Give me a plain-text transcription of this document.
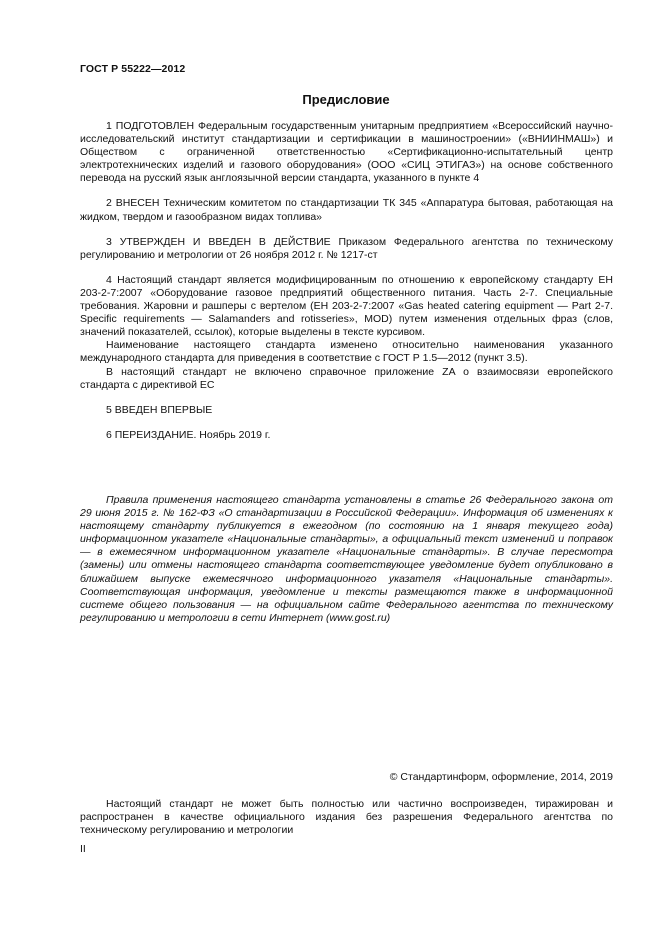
ГОСТ Р 55222—2012
Предисловие

1 ПОДГОТОВЛЕН Федеральным государственным унитарным предприятием «Всероссийский научно-исследовательский институт стандартизации и сертификации в машиностроении» («ВНИИНМАШ») и Обществом с ограниченной ответственностью «Сертификационно-испытательный центр электротехнических изделий и газового оборудования» (ООО «СИЦ ЭТИГАЗ») на основе собственного перевода на русский язык англоязычной версии стандарта, указанного в пункте 4

2 ВНЕСЕН Техническим комитетом по стандартизации ТК 345 «Аппаратура бытовая, работающая на жидком, твердом и газообразном видах топлива»

3 УТВЕРЖДЕН И ВВЕДЕН В ДЕЙСТВИЕ Приказом Федерального агентства по техническому регулированию и метрологии от 26 ноября 2012 г. № 1217-ст

4 Настоящий стандарт является модифицированным по отношению к европейскому стандарту ЕН 203-2-7:2007 «Оборудование газовое предприятий общественного питания. Часть 2-7. Специальные требования. Жаровни и рашперы с вертелом (ЕН 203-2-7:2007 «Gas heated catering equipment — Part 2-7. Specific requirements — Salamanders and rotisseries», MOD) путем изменения отдельных фраз (слов, значений показателей, ссылок), которые выделены в тексте курсивом.

Наименование настоящего стандарта изменено относительно наименования указанного международного стандарта для приведения в соответствие с ГОСТ Р 1.5—2012 (пункт 3.5).

В настоящий стандарт не включено справочное приложение ZA о взаимосвязи европейского стандарта с директивой ЕС

5 ВВЕДЕН ВПЕРВЫЕ

6 ПЕРЕИЗДАНИЕ. Ноябрь 2019 г.

Правила применения настоящего стандарта установлены в статье 26 Федерального закона от 29 июня 2015 г. № 162-ФЗ «О стандартизации в Российской Федерации». Информация об изменениях к настоящему стандарту публикуется в ежегодном (по состоянию на 1 января текущего года) информационном указателе «Национальные стандарты», а официальный текст изменений и поправок — в ежемесячном информационном указателе «Национальные стандарты». В случае пересмотра (замены) или отмены настоящего стандарта соответствующее уведомление будет опубликовано в ближайшем выпуске ежемесячного информационного указателя «Национальные стандарты». Соответствующая информация, уведомление и тексты размещаются также в информационной системе общего пользования — на официальном сайте Федерального агентства по техническому регулированию и метрологии в сети Интернет (www.gost.ru)

© Стандартинформ, оформление, 2014, 2019

Настоящий стандарт не может быть полностью или частично воспроизведен, тиражирован и распространен в качестве официального издания без разрешения Федерального агентства по техническому регулированию и метрологии

II
